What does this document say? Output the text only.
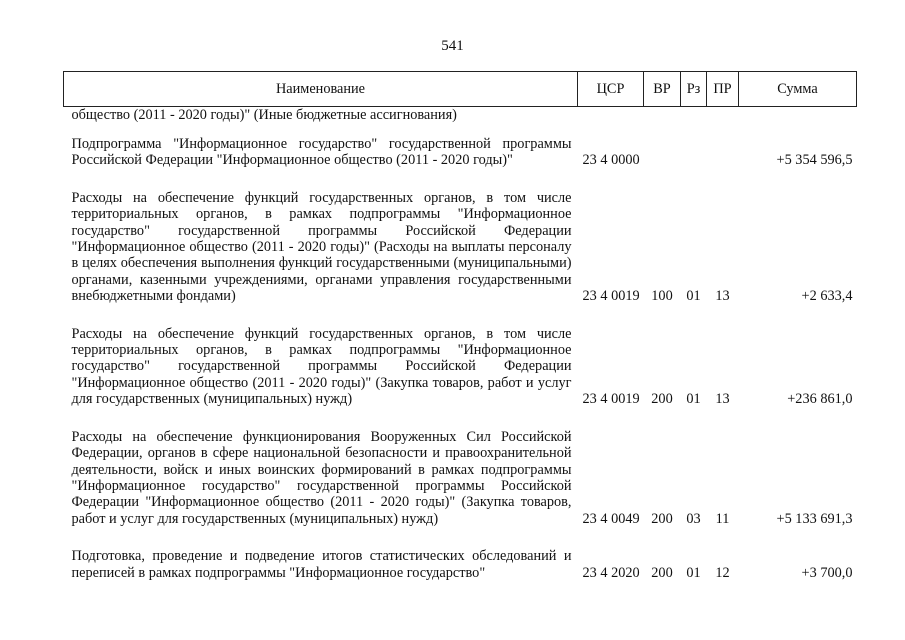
541
Наименование	ЦСР	ВР	Рз	ПР	Сумма

общество (2011 - 2020 годы)" (Иные бюджетные ассигнования)					

Подпрограмма "Информационное государство" государственной программы Российской Федерации "Информационное общество (2011 - 2020 годы)"	23 4 0000				+5 354 596,5

Расходы на обеспечение функций государственных органов, в том числе территориальных органов, в рамках подпрограммы "Информационное государство" государственной программы Российской Федерации "Информационное общество (2011 - 2020 годы)" (Расходы на выплаты персоналу в целях обеспечения выполнения функций государственными (муниципальными) органами, казенными учреждениями, органами управления государственными внебюджетными фондами)	23 4 0019	100	01	13	+2 633,4

Расходы на обеспечение функций государственных органов, в том числе территориальных органов, в рамках подпрограммы "Информационное государство" государственной программы Российской Федерации "Информационное общество (2011 - 2020 годы)" (Закупка товаров, работ и услуг для государственных (муниципальных) нужд)	23 4 0019	200	01	13	+236 861,0

Расходы на обеспечение функционирования Вооруженных Сил Российской Федерации, органов в сфере национальной безопасности и правоохранительной деятельности, войск и иных воинских формирований в рамках подпрограммы "Информационное государство" государственной программы Российской Федерации "Информационное общество (2011 - 2020 годы)" (Закупка товаров, работ и услуг для государственных (муниципальных) нужд)	23 4 0049	200	03	11	+5 133 691,3

Подготовка, проведение и подведение итогов статистических обследований и переписей в рамках подпрограммы "Информационное государство"	23 4 2020	200	01	12	+3 700,0
